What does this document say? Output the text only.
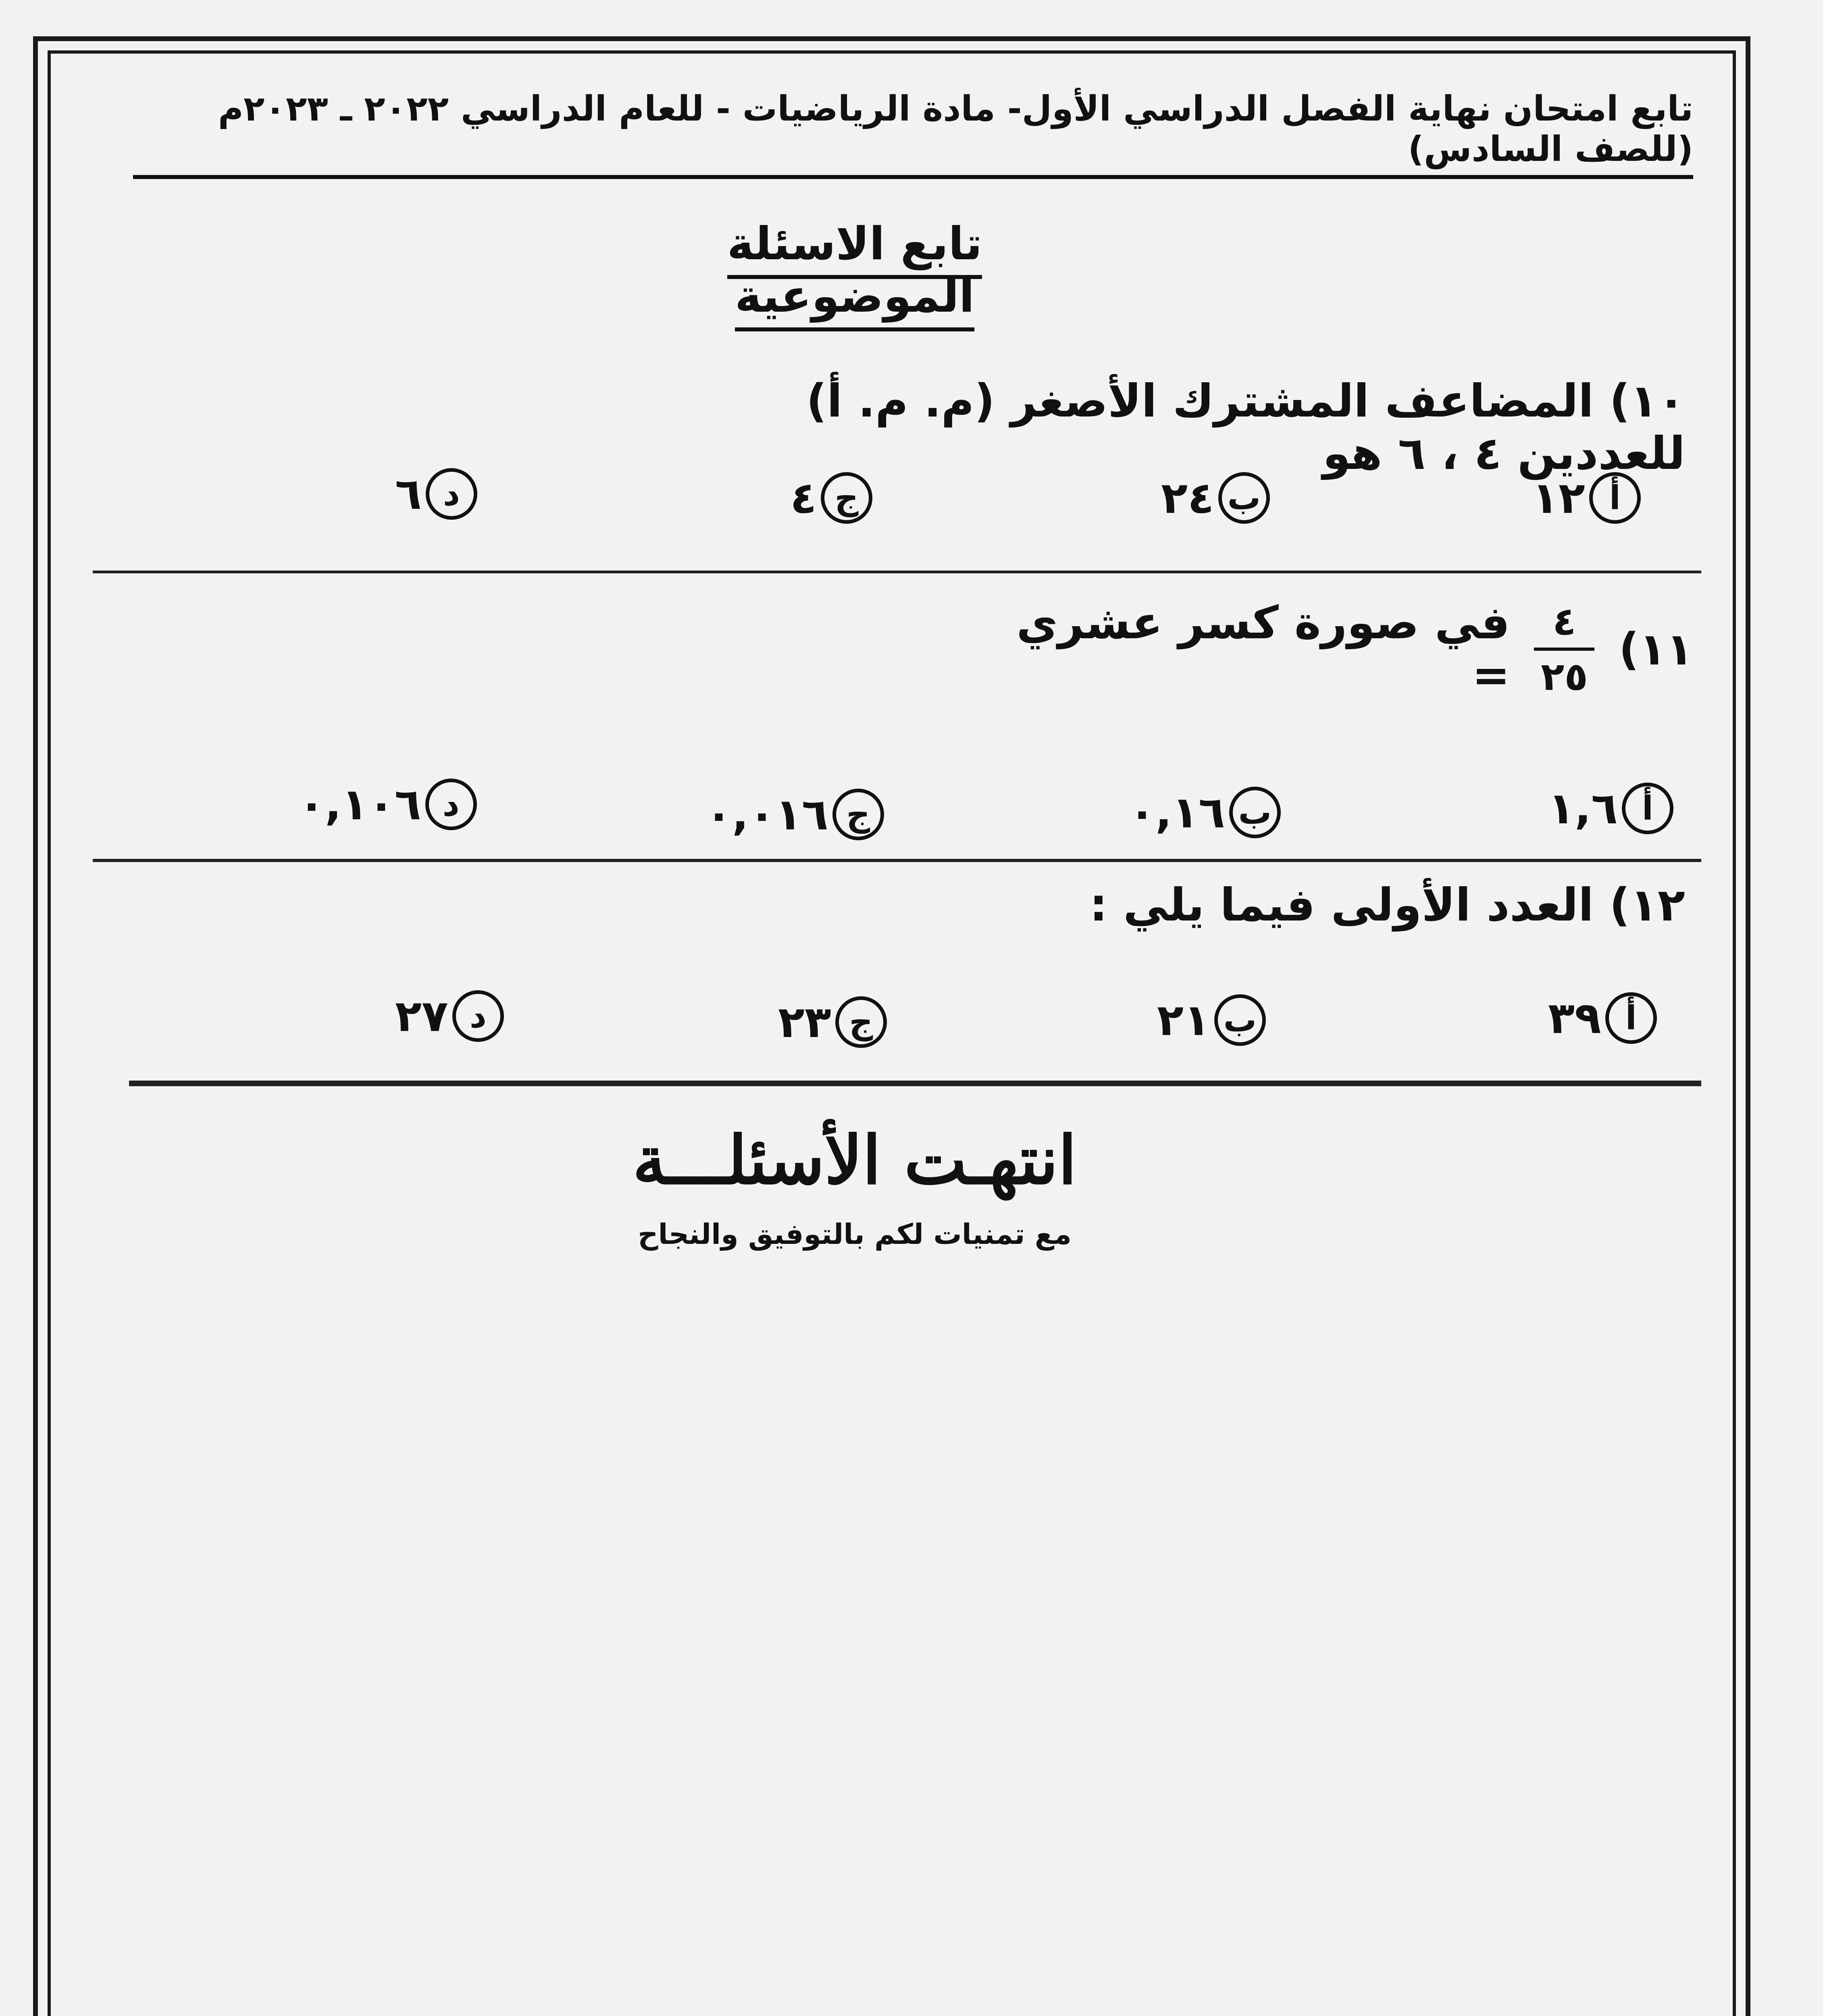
تابع امتحان نهاية الفصل الدراسي الأول- مادة الرياضيات - للعام الدراسي ٢٠٢٢ ـ ٢٠٢٣م (للصف السادس)
تابع الاسئلة الموضوعية
١٠) المضاعف المشترك الأصغر (م. م. أ) للعددين ٤ ، ٦ هو
أ
١٢
ب
٢٤
ج
٤
د
٦
١١)
٤
٢٥
في صورة كسر عشري =
أ
١,٦
ب
٠,١٦
ج
٠,٠١٦
د
٠,١٠٦
١٢) العدد الأولى فيما يلي :
أ
٣٩
ب
٢١
ج
٢٣
د
٢٧
انتهـت الأسئلـــة
مع تمنيات لكم بالتوفيق والنجاح
